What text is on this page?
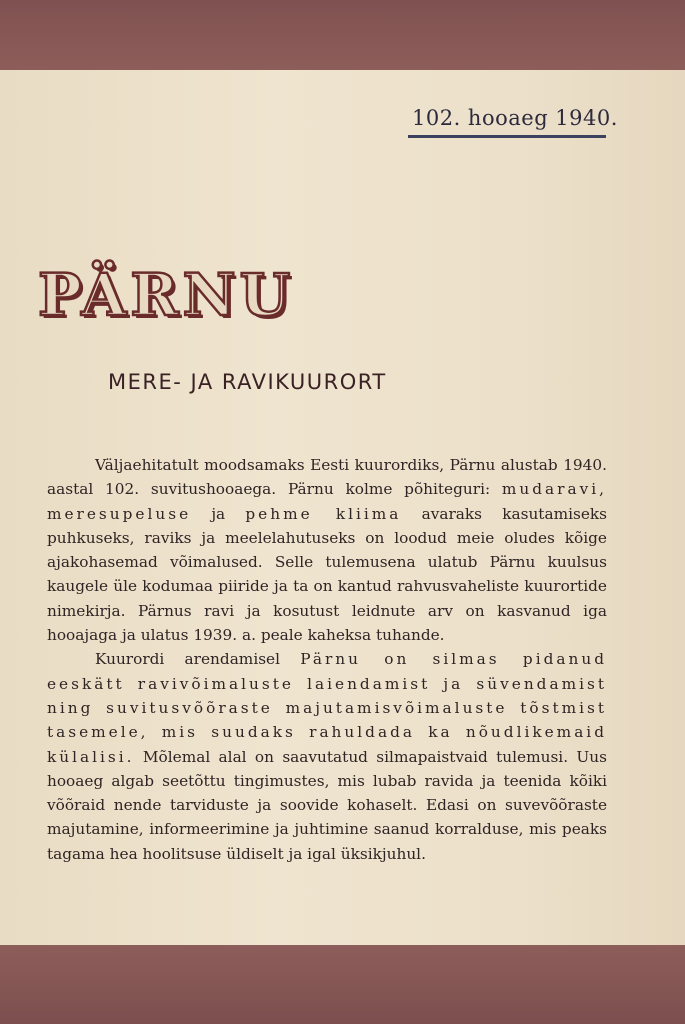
102. hooaeg 1940.
PÄRNU
MERE- JA RAVIKUURORT

Väljaehitatult moodsamaks Eesti kuurordiks, Pärnu alustab 1940. aastal 102. suvitushooaega. Pärnu kolme põhiteguri: mudaravi, meresupeluse ja pehme kliima avaraks kasutamiseks puhkuseks, raviks ja meelelahutuseks on loodud meie oludes kõige ajakohasemad võimalused. Selle tulemusena ulatub Pärnu kuulsus kaugele üle kodumaa piiride ja ta on kantud rahvusvaheliste kuurortide nimekirja. Pärnus ravi ja kosutust leidnute arv on kasvanud iga hooajaga ja ulatus 1939. a. peale kaheksa tuhande.

Kuurordi arendamisel Pärnu on silmas pidanud eeskätt ravivõimaluste laiendamist ja süvendamist ning suvitusvõõraste majutamisvõimaluste tõstmist tasemele, mis suudaks rahuldada ka nõudlikemaid külalisi. Mõlemal alal on saavutatud silmapaistvaid tulemusi. Uus hooaeg algab seetõttu tingimustes, mis lubab ravida ja teenida kõiki võõraid nende tarviduste ja soovide kohaselt. Edasi on suvevõõraste majutamine, informeerimine ja juhtimine saanud korralduse, mis peaks tagama hea hoolitsuse üldiselt ja igal üksikjuhul.
